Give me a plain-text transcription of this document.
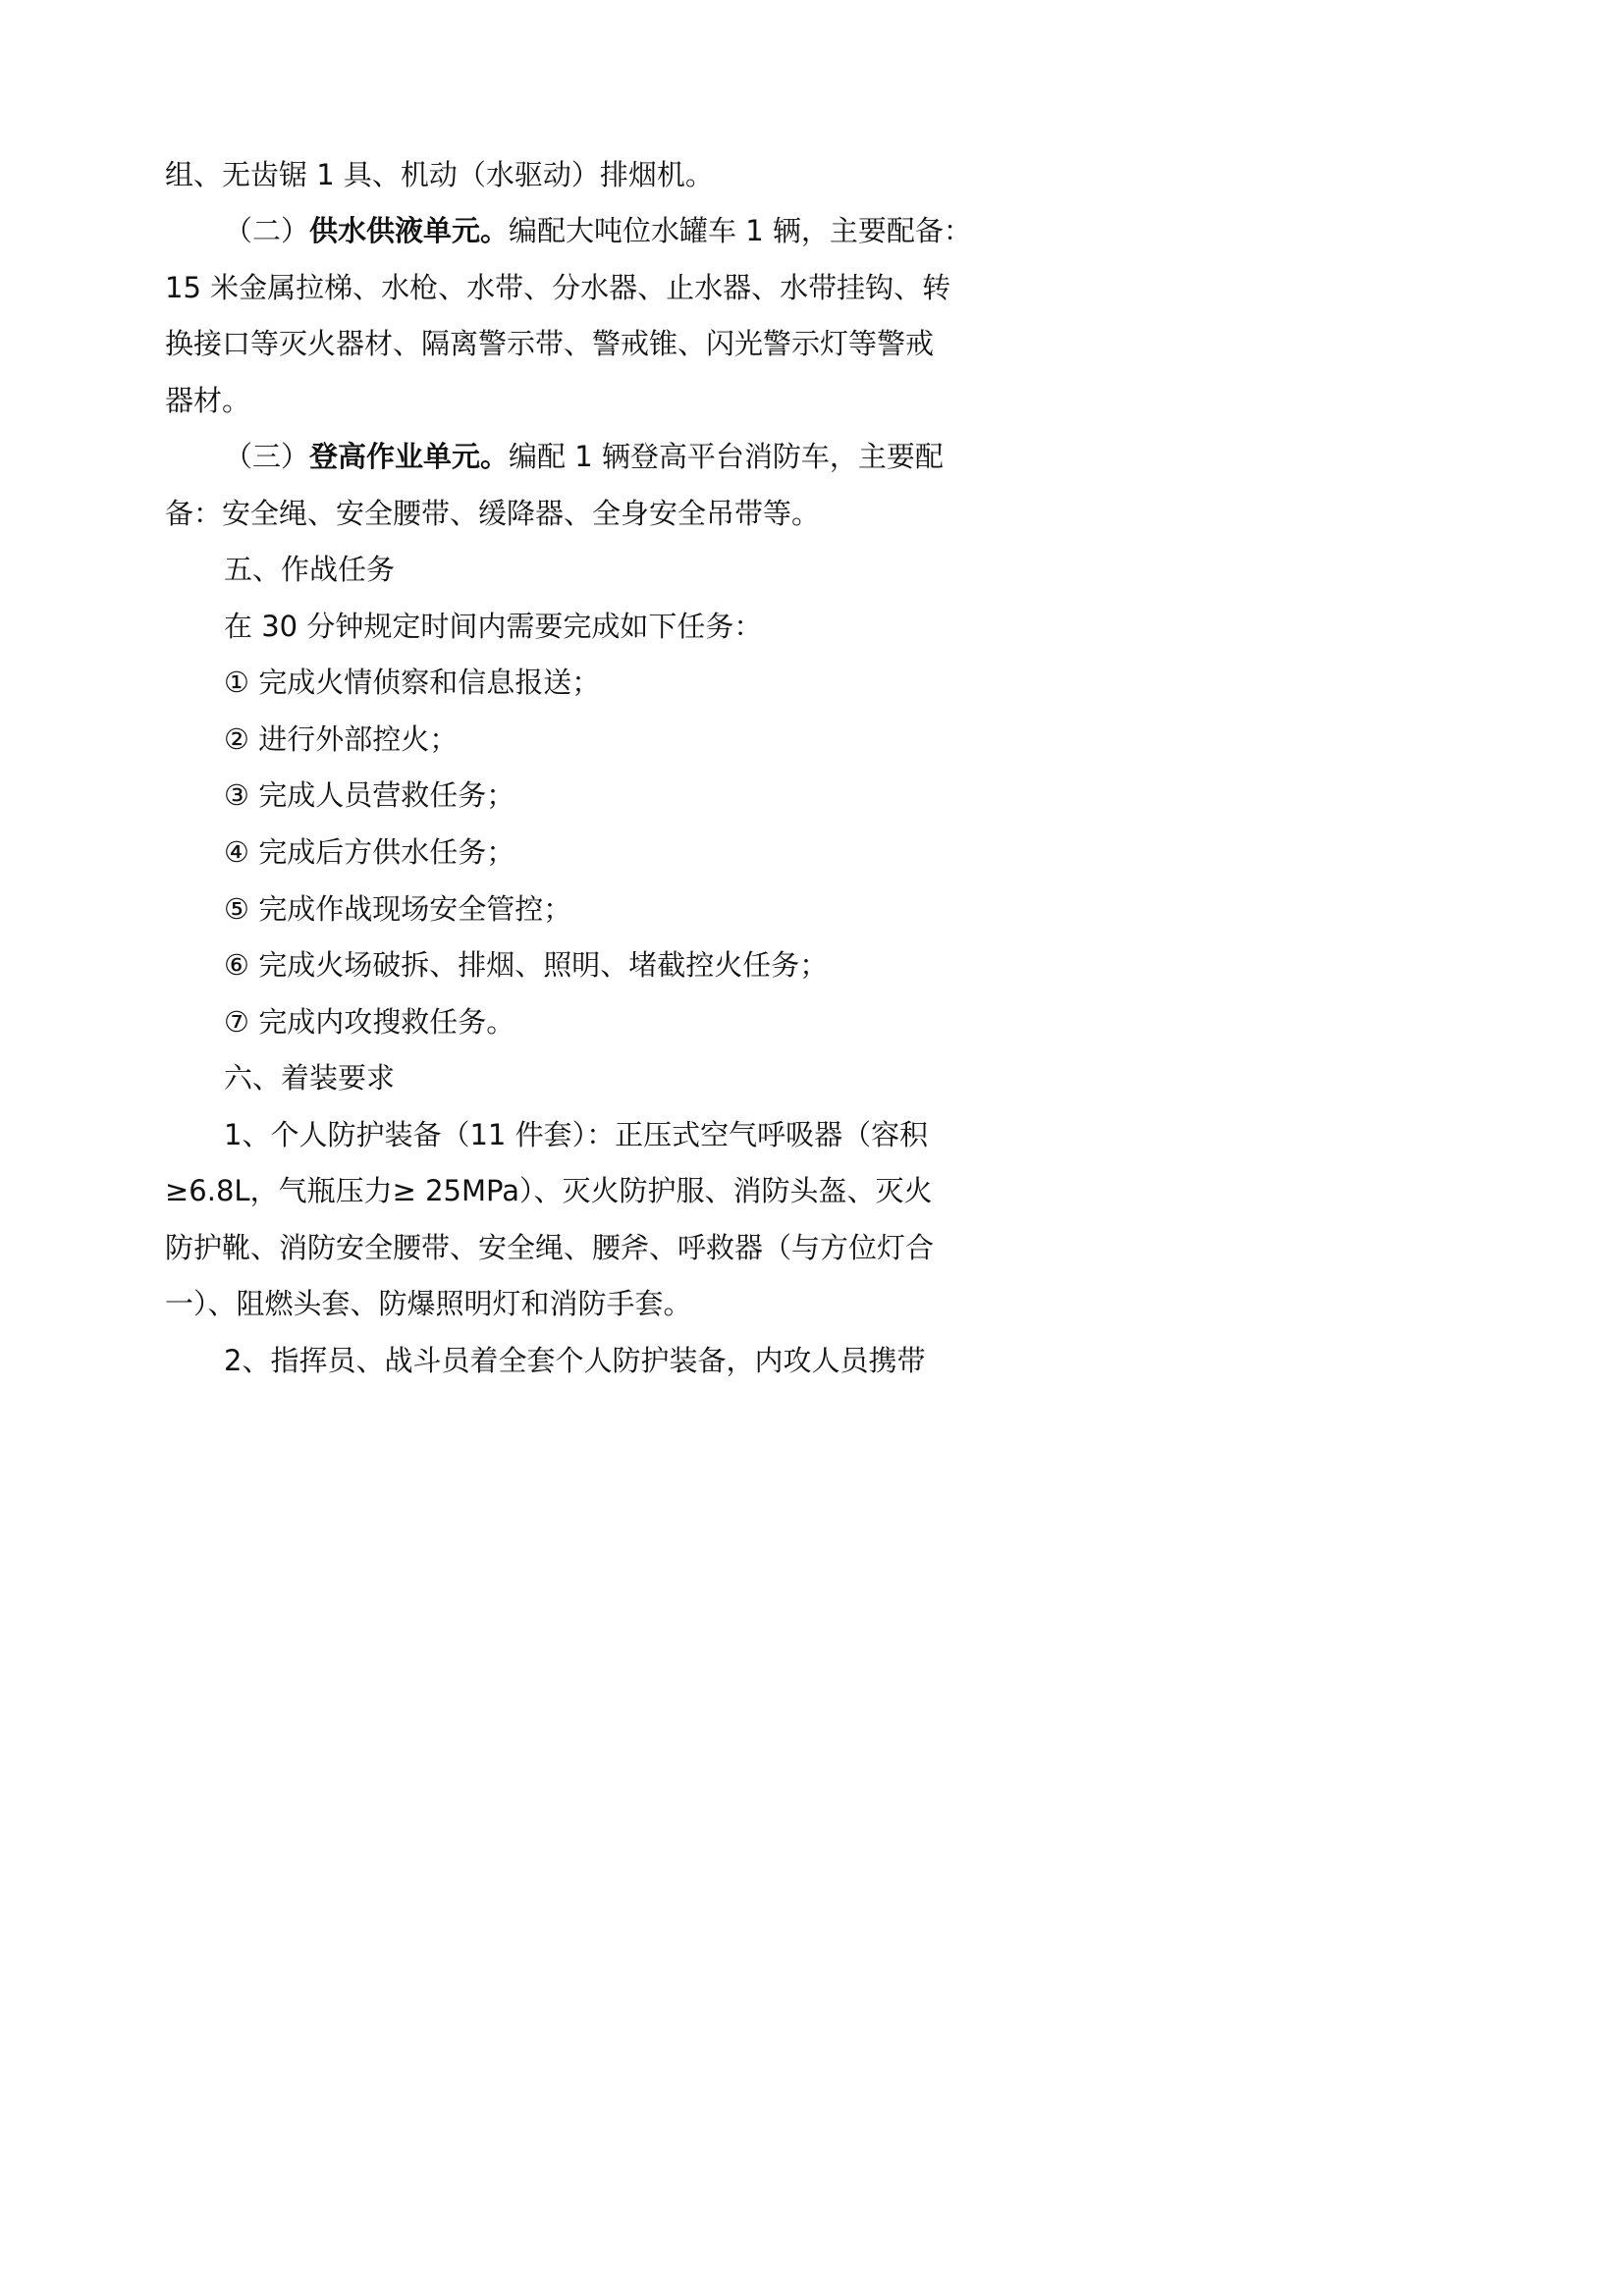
组、无齿锯 1 具、机动（水驱动）排烟机。
（二）供水供液单元。编配大吨位水罐车 1 辆，主要配备：
15 米金属拉梯、水枪、水带、分水器、止水器、水带挂钩、转
换接口等灭火器材、隔离警示带、警戒锥、闪光警示灯等警戒
器材。
（三）登高作业单元。编配 1 辆登高平台消防车，主要配
备：安全绳、安全腰带、缓降器、全身安全吊带等。
五、作战任务
在 30 分钟规定时间内需要完成如下任务：
① 完成火情侦察和信息报送；
② 进行外部控火；
③ 完成人员营救任务；
④ 完成后方供水任务；
⑤ 完成作战现场安全管控；
⑥ 完成火场破拆、排烟、照明、堵截控火任务；
⑦ 完成内攻搜救任务。
六、着装要求
1、个人防护装备（11 件套）：正压式空气呼吸器（容积
≥6.8L，气瓶压力≥ 25MPa）、灭火防护服、消防头盔、灭火
防护靴、消防安全腰带、安全绳、腰斧、呼救器（与方位灯合
一）、阻燃头套、防爆照明灯和消防手套。
2、指挥员、战斗员着全套个人防护装备，内攻人员携带
